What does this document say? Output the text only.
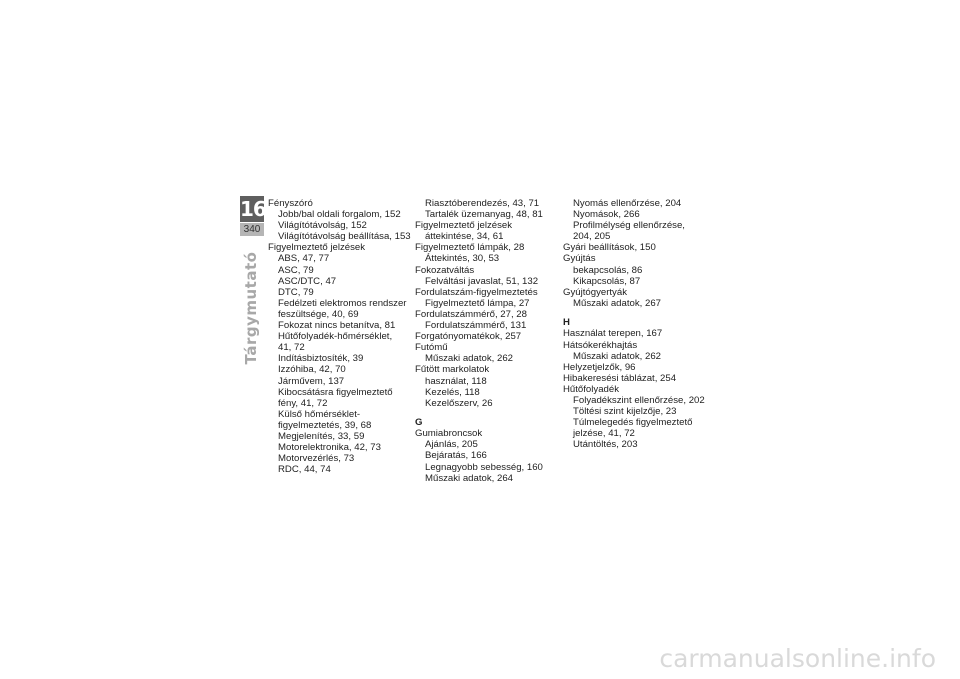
16
340
Tárgymutató
Fényszóró
Jobb/bal oldali forgalom, 152
Világítótávolság, 152
Világítótávolság beállítása, 153
Figyelmeztető jelzések
ABS, 47, 77
ASC, 79
ASC/DTC, 47
DTC, 79
Fedélzeti elektromos rendszer feszültsége, 40, 69
Fokozat nincs betanítva, 81
Hűtőfolyadék-hőmérséklet, 41, 72
Indításbiztosíték, 39
Izzóhiba, 42, 70
Járművem, 137
Kibocsátásra figyelmeztető fény, 41, 72
Külső hőmérséklet-figyelmeztetés, 39, 68
Megjelenítés, 33, 59
Motorelektronika, 42, 73
Motorvezérlés, 73
RDC, 44, 74
Riasztóberendezés, 43, 71
Tartalék üzemanyag, 48, 81
Figyelmeztető jelzések
áttekintése, 34, 61
Figyelmeztető lámpák, 28
Áttekintés, 30, 53
Fokozatváltás
Felváltási javaslat, 51, 132
Fordulatszám-figyelmeztetés
Figyelmeztető lámpa, 27
Fordulatszámmérő, 27, 28
Fordulatszámmérő, 131
Forgatónyomatékok, 257
Futómű
Műszaki adatok, 262
Fűtött markolatok
használat, 118
Kezelés, 118
Kezelőszerv, 26
G
Gumiabroncsok
Ajánlás, 205
Bejáratás, 166
Legnagyobb sebesség, 160
Műszaki adatok, 264
Nyomás ellenőrzése, 204
Nyomások, 266
Profilmélység ellenőrzése, 204, 205
Gyári beállítások, 150
Gyújtás
bekapcsolás, 86
Kikapcsolás, 87
Gyújtógyertyák
Műszaki adatok, 267
H
Használat terepen, 167
Hátsókerékhajtás
Műszaki adatok, 262
Helyzetjelzők, 96
Hibakeresési táblázat, 254
Hűtőfolyadék
Folyadékszint ellenőrzése, 202
Töltési szint kijelzője, 23
Túlmelegedés figyelmeztető jelzése, 41, 72
Utántöltés, 203
carmanualsonline.info
